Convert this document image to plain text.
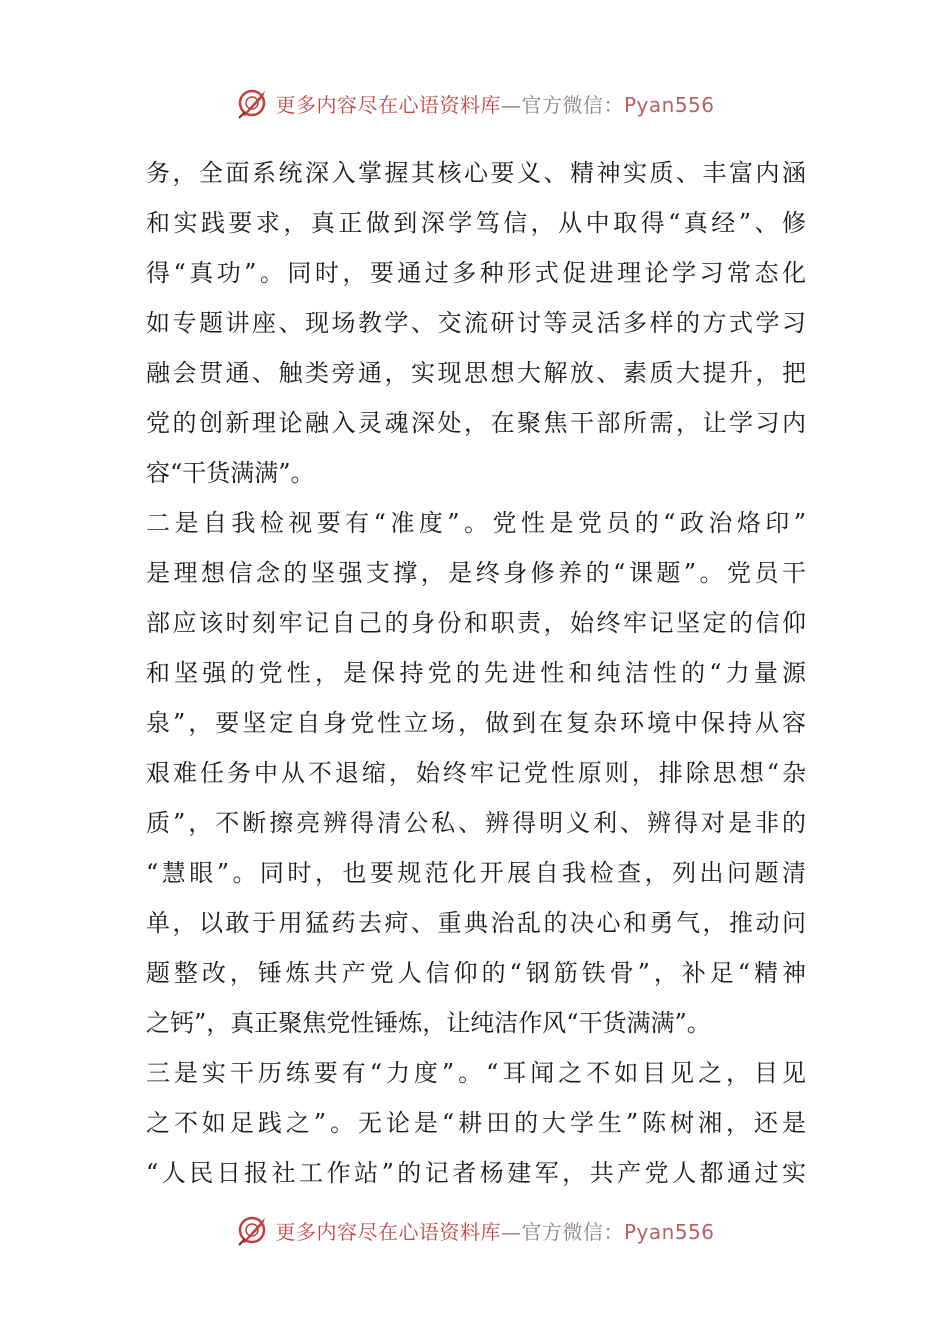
更多内容尽在心语资料库—官方微信：Pyan556
务，全面系统深入掌握其核心要义、精神实质、丰富内涵
和实践要求，真正做到深学笃信，从中取得“真经”、修
得“真功”。同时，要通过多种形式促进理论学习常态化
如专题讲座、现场教学、交流研讨等灵活多样的方式学习
融会贯通、触类旁通，实现思想大解放、素质大提升，把
党的创新理论融入灵魂深处，在聚焦干部所需，让学习内
容“干货满满”。
二是自我检视要有“准度”。党性是党员的“政治烙印”
是理想信念的坚强支撑，是终身修养的“课题”。党员干
部应该时刻牢记自己的身份和职责，始终牢记坚定的信仰
和坚强的党性，是保持党的先进性和纯洁性的“力量源
泉”，要坚定自身党性立场，做到在复杂环境中保持从容
艰难任务中从不退缩，始终牢记党性原则，排除思想“杂
质”，不断擦亮辨得清公私、辨得明义利、辨得对是非的
“慧眼”。同时，也要规范化开展自我检查，列出问题清
单，以敢于用猛药去疴、重典治乱的决心和勇气，推动问
题整改，锤炼共产党人信仰的“钢筋铁骨”，补足“精神
之钙”，真正聚焦党性锤炼，让纯洁作风“干货满满”。
三是实干历练要有“力度”。“耳闻之不如目见之，目见
之不如足践之”。无论是“耕田的大学生”陈树湘，还是
“人民日报社工作站”的记者杨建军，共产党人都通过实
更多内容尽在心语资料库—官方微信：Pyan556
